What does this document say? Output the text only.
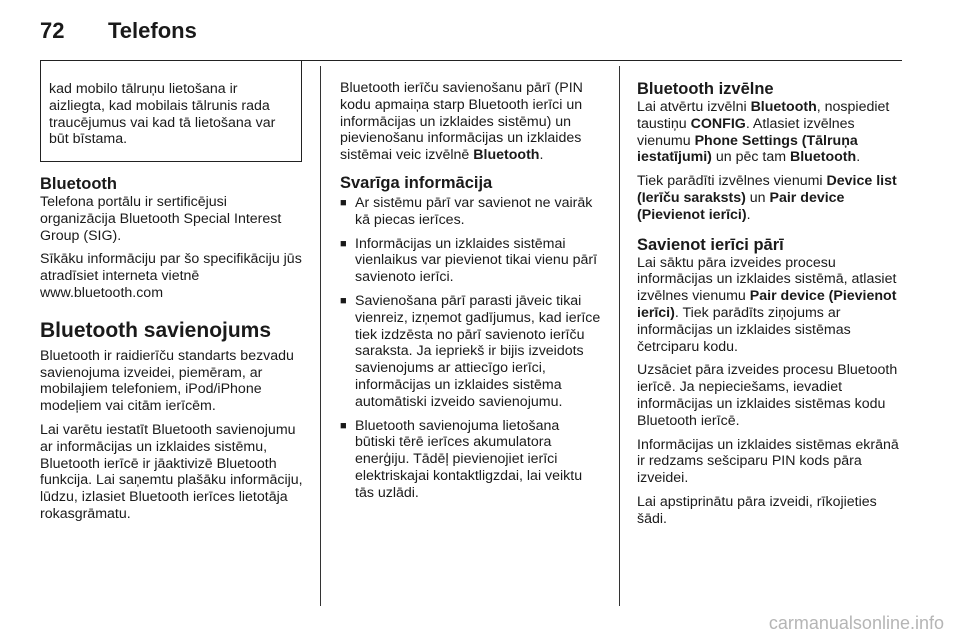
72 Telefons
kad mobilo tālruņu lietošana ir aizliegta, kad mobilais tālrunis rada traucējumus vai kad tā lietošana var būt bīstama.
Bluetooth

Telefona portālu ir sertificējusi organizācija Bluetooth Special Interest Group (SIG).

Sīkāku informāciju par šo specifikāciju jūs atradīsiet interneta vietnē www.bluetooth.com

Bluetooth savienojums

Bluetooth ir raidierīču standarts bezvadu savienojuma izveidei, piemēram, ar mobilajiem telefoniem, iPod/iPhone modeļiem vai citām ierīcēm.

Lai varētu iestatīt Bluetooth savienojumu ar informācijas un izklaides sistēmu, Bluetooth ierīcē ir jāaktivizē Bluetooth funkcija. Lai saņemtu plašāku informāciju, lūdzu, izlasiet Bluetooth ierīces lietotāja rokasgrāmatu.

Bluetooth ierīču savienošanu pārī (PIN kodu apmaiņa starp Bluetooth ierīci un informācijas un izklaides sistēmu) un pievienošanu informācijas un izklaides sistēmai veic izvēlnē Bluetooth.

Svarīga informācija
■ Ar sistēmu pārī var savienot ne vairāk kā piecas ierīces.
■ Informācijas un izklaides sistēmai vienlaikus var pievienot tikai vienu pārī savienoto ierīci.
■ Savienošana pārī parasti jāveic tikai vienreiz, izņemot gadījumus, kad ierīce tiek izdzēsta no pārī savienoto ierīču saraksta. Ja iepriekš ir bijis izveidots savienojums ar attiecīgo ierīci, informācijas un izklaides sistēma automātiski izveido savienojumu.
■ Bluetooth savienojuma lietošana būtiski tērē ierīces akumulatora enerģiju. Tādēļ pievienojiet ierīci elektriskajai kontaktligzdai, lai veiktu tās uzlādi.
Bluetooth izvēlne

Lai atvērtu izvēlni Bluetooth, nospiediet taustiņu CONFIG. Atlasiet izvēlnes vienumu Phone Settings (Tālruņa iestatījumi) un pēc tam Bluetooth.

Tiek parādīti izvēlnes vienumi Device list (Ierīču saraksts) un Pair device (Pievienot ierīci).

Savienot ierīci pārī

Lai sāktu pāra izveides procesu informācijas un izklaides sistēmā, atlasiet izvēlnes vienumu Pair device (Pievienot ierīci). Tiek parādīts ziņojums ar informācijas un izklaides sistēmas četrciparu kodu.

Uzsāciet pāra izveides procesu Bluetooth ierīcē. Ja nepieciešams, ievadiet informācijas un izklaides sistēmas kodu Bluetooth ierīcē.

Informācijas un izklaides sistēmas ekrānā ir redzams sešciparu PIN kods pāra izveidei.

Lai apstiprinātu pāra izveidi, rīkojieties šādi.

carmanualsonline.info
